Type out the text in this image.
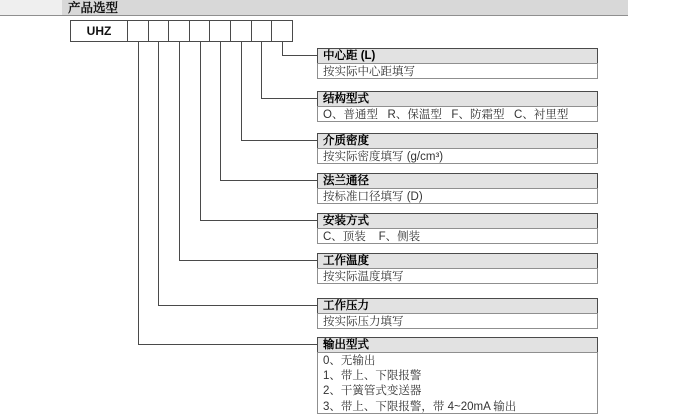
产品选型
UHZ
中心距 (L)
按实际中心距填写
结构型式
O、普通型   R、保温型   F、防霜型   C、衬里型
介质密度
按实际密度填写 (g/cm³)
法兰通径
按标准口径填写 (D)
安装方式
C、顶装    F、侧装
工作温度
按实际温度填写
工作压力
按实际压力填写
输出型式
0、无输出
1、带上、下限报警
2、干簧管式变送器
3、带上、下限报警，带 4~20mA 输出
